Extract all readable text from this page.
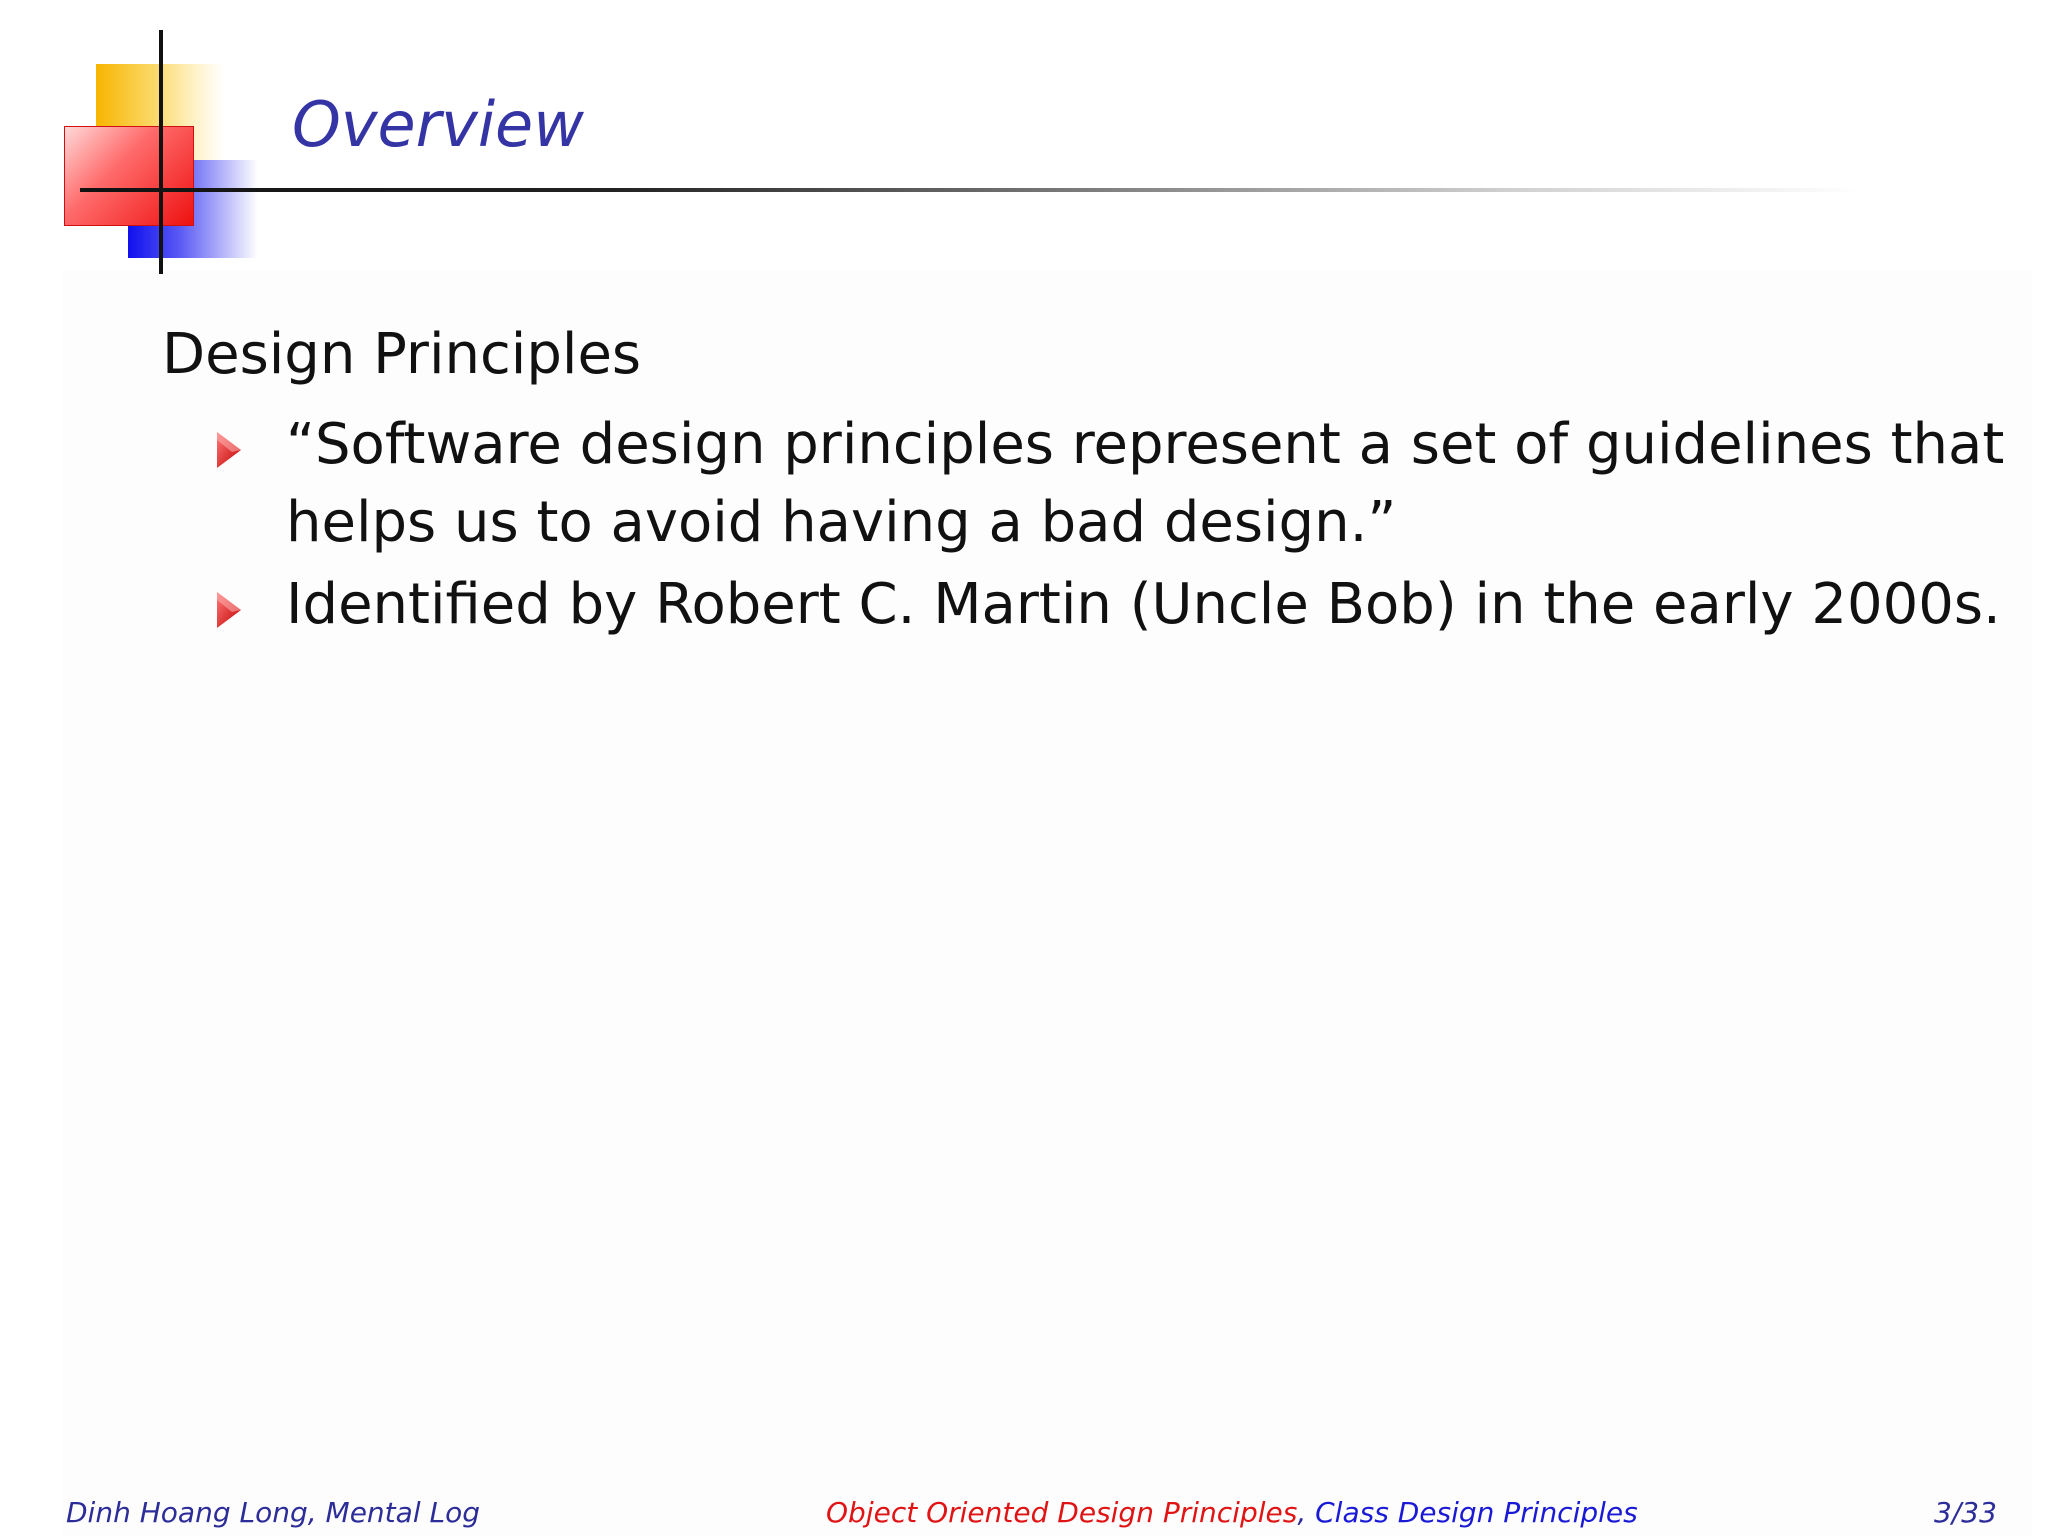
Overview
Design Principles
“Software design principles represent a set of guidelines that
helps us to avoid having a bad design.”
Identified by Robert C. Martin (Uncle Bob) in the early 2000s.
Dinh Hoang Long, Mental Log	Object Oriented Design Principles, Class Design Principles	3/33
